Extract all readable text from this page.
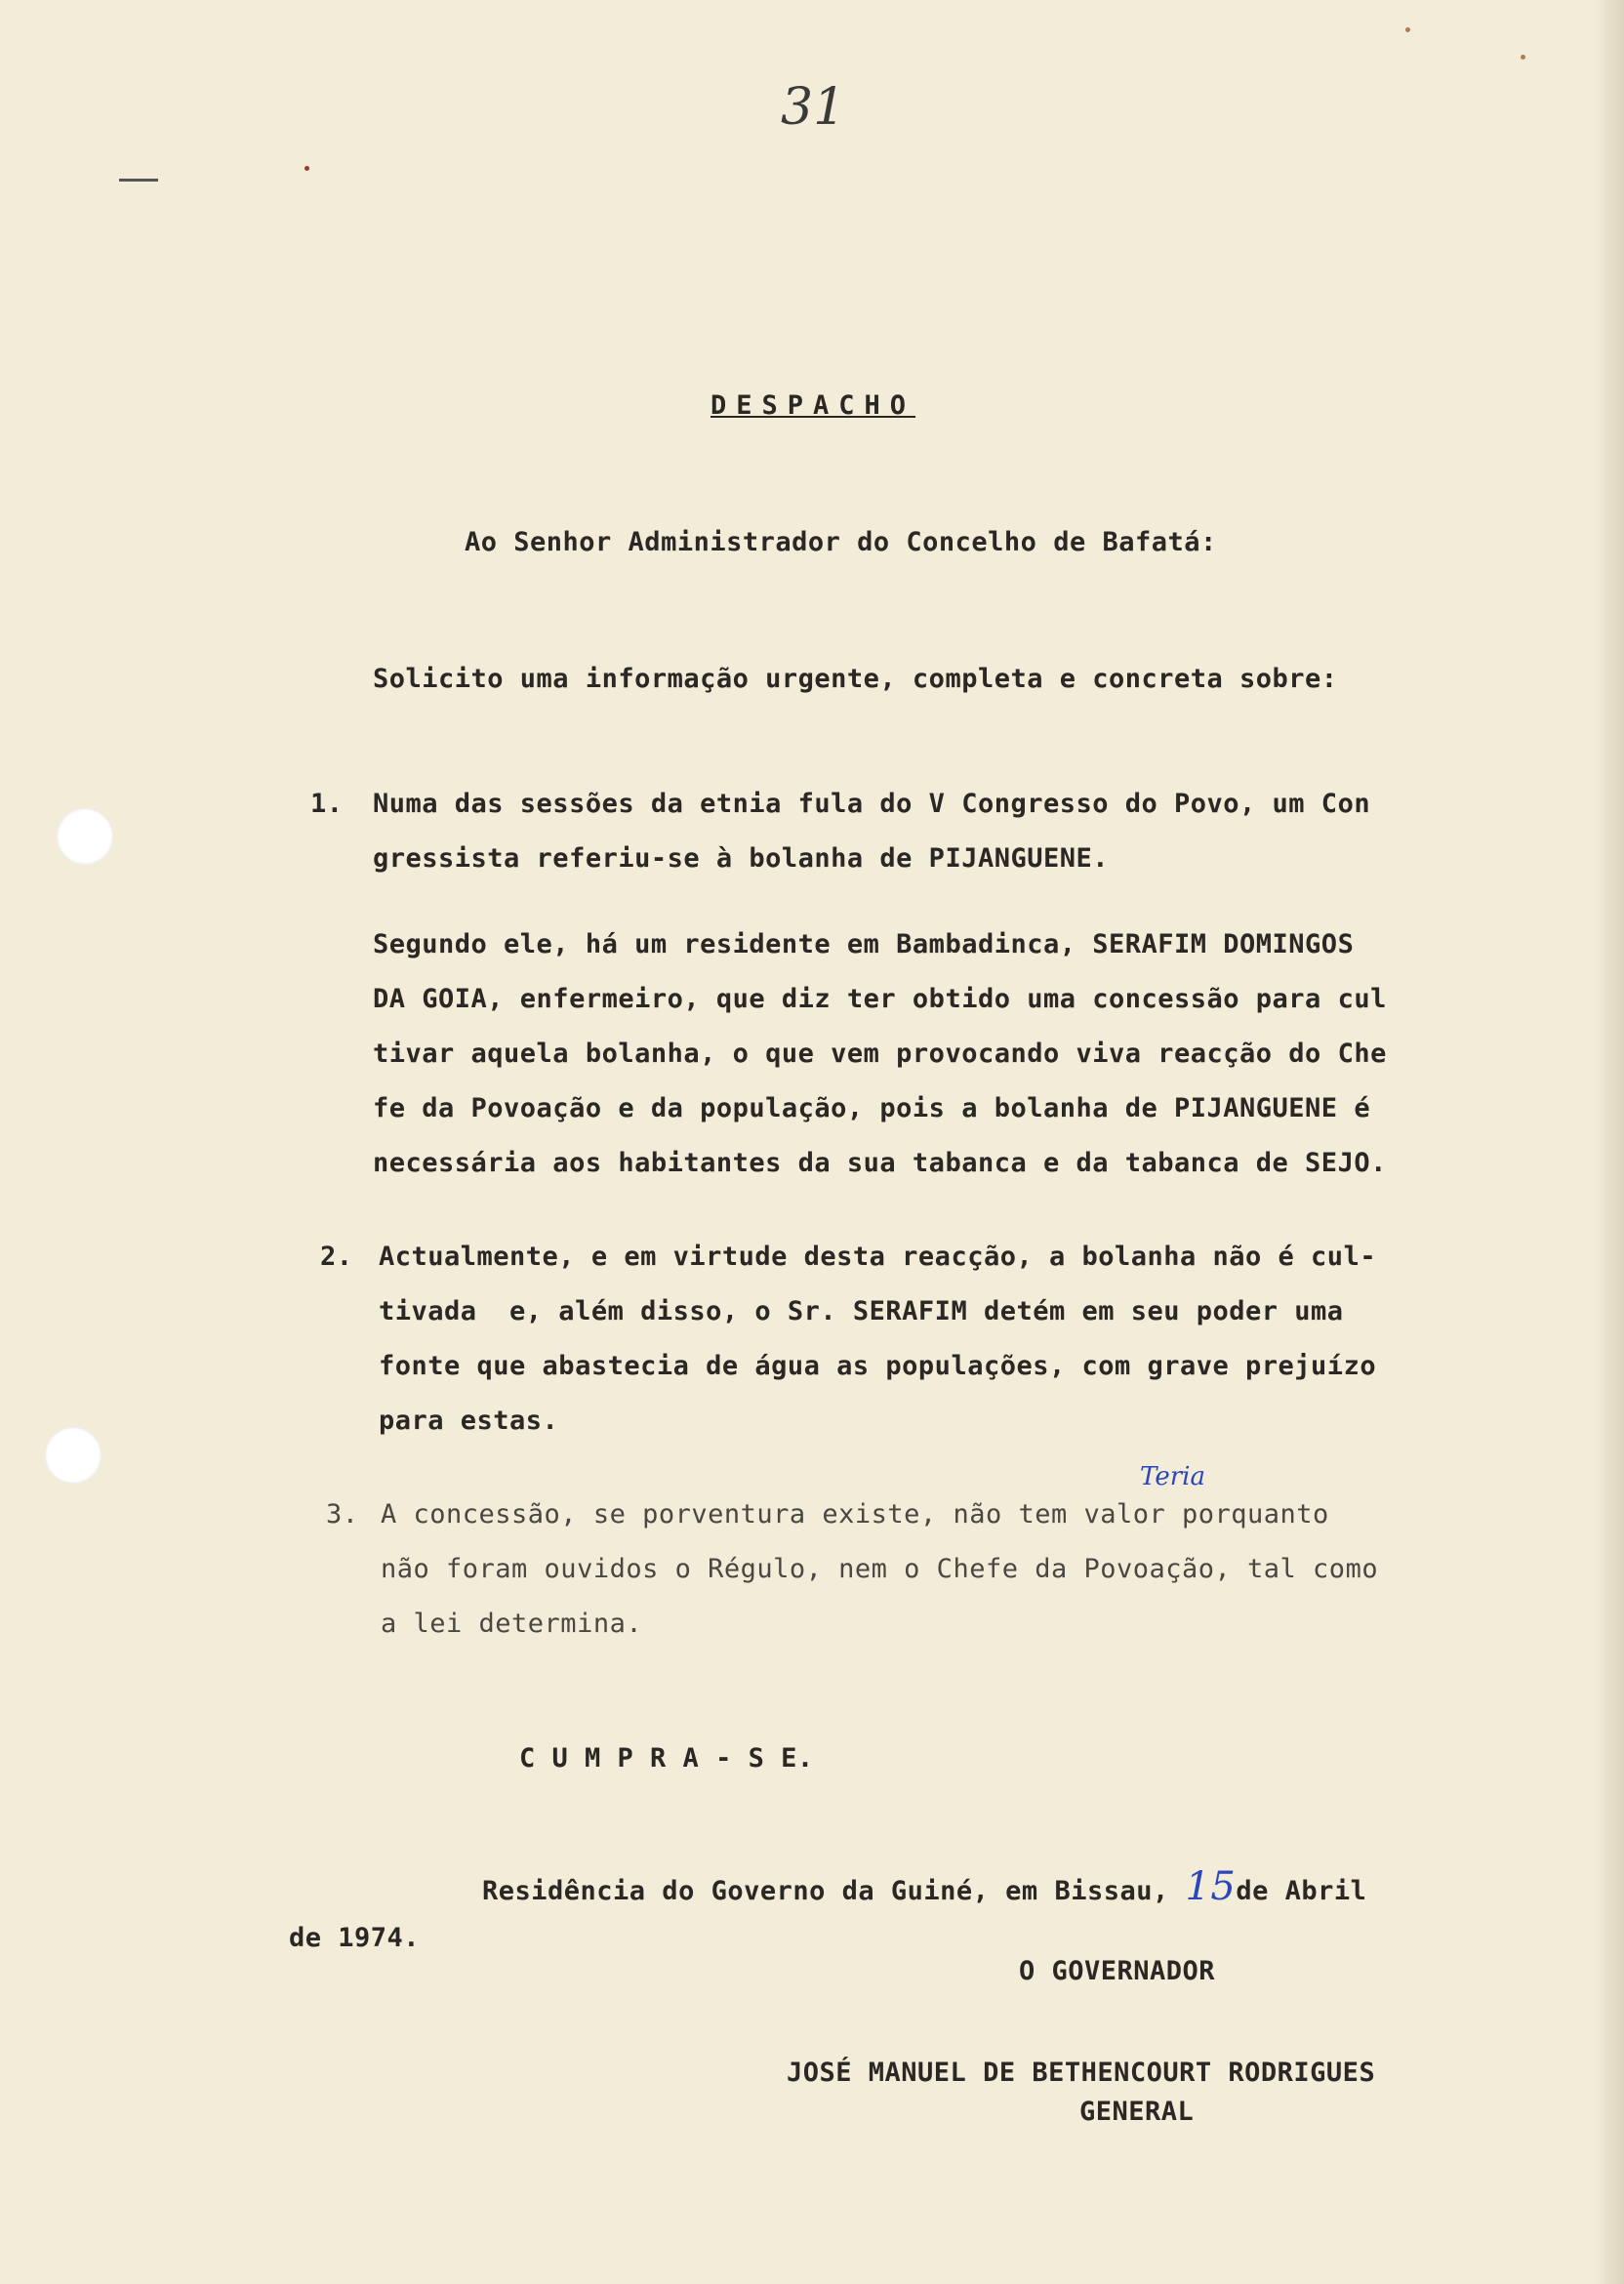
31
DESPACHO
Ao Senhor Administrador do Concelho de Bafatá:
Solicito uma informação urgente, completa e concreta sobre:
1. Numa das sessões da etnia fula do V Congresso do Povo, um Con
gressista referiu-se à bolanha de PIJANGUENE.
Segundo ele, há um residente em Bambadinca, SERAFIM DOMINGOS
DA GOIA, enfermeiro, que diz ter obtido uma concessão para cul
tivar aquela bolanha, o que vem provocando viva reacção do Che
fe da Povoação e da população, pois a bolanha de PIJANGUENE é
necessária aos habitantes da sua tabanca e da tabanca de SEJO.
2. Actualmente, e em virtude desta reacção, a bolanha não é cul-
tivada  e, além disso, o Sr. SERAFIM detém em seu poder uma
fonte que abastecia de água as populações, com grave prejuízo
para estas.
Teria
3. A concessão, se porventura existe, não tem valor porquanto
não foram ouvidos o Régulo, nem o Chefe da Povoação, tal como
a lei determina.
C U M P R A - S E.
Residência do Governo da Guiné, em Bissau, 15de Abril
de 1974.
O GOVERNADOR
JOSÉ MANUEL DE BETHENCOURT RODRIGUES
GENERAL
